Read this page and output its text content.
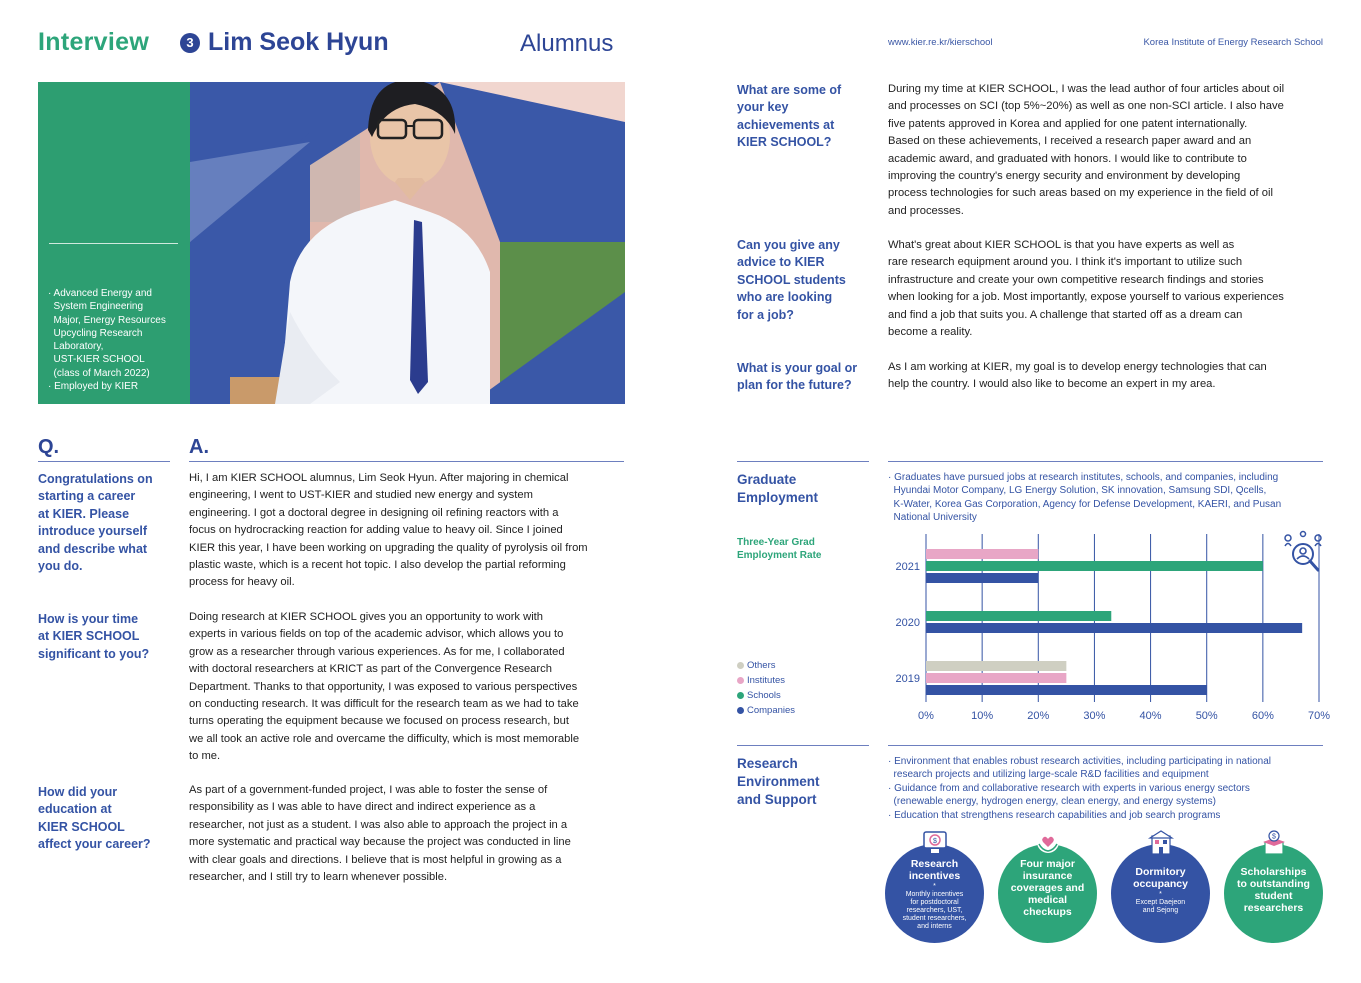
Interview	3 Lim Seok Hyun	Alumnus	www.kier.re.kr/kierschool	Korea Institute of Energy Research School
· Advanced Energy and
System Engineering
Major, Energy Resources
Upcycling Research
Laboratory,
UST-KIER SCHOOL
(class of March 2022)
· Employed by KIER
Q.	A.
Congratulations on
starting a career
at KIER. Please
introduce yourself
and describe what
you do.
Hi, I am KIER SCHOOL alumnus, Lim Seok Hyun. After majoring in chemical
engineering, I went to UST-KIER and studied new energy and system
engineering. I got a doctoral degree in designing oil refining reactors with a
focus on hydrocracking reaction for adding value to heavy oil. Since I joined
KIER this year, I have been working on upgrading the quality of pyrolysis oil from
plastic waste, which is a recent hot topic. I also develop the partial reforming
process for heavy oil.
How is your time
at KIER SCHOOL
significant to you?
Doing research at KIER SCHOOL gives you an opportunity to work with
experts in various fields on top of the academic advisor, which allows you to
grow as a researcher through various experiences. As for me, I collaborated
with doctoral researchers at KRICT as part of the Convergence Research
Department. Thanks to that opportunity, I was exposed to various perspectives
on conducting research. It was difficult for the research team as we had to take
turns operating the equipment because we focused on process research, but
we all took an active role and overcame the difficulty, which is most memorable
to me.
How did your
education at
KIER SCHOOL
affect your career?
As part of a government-funded project, I was able to foster the sense of
responsibility as I was able to have direct and indirect experience as a
researcher, not just as a student. I was also able to approach the project in a
more systematic and practical way because the project was conducted in line
with clear goals and directions. I believe that is most helpful in growing as a
researcher, and I still try to learn whenever possible.
What are some of
your key
achievements at
KIER SCHOOL?
During my time at KIER SCHOOL, I was the lead author of four articles about oil
and processes on SCI (top 5%~20%) as well as one non-SCI article. I also have
five patents approved in Korea and applied for one patent internationally.
Based on these achievements, I received a research paper award and an
academic award, and graduated with honors. I would like to contribute to
improving the country's energy security and environment by developing
process technologies for such areas based on my experience in the field of oil
and processes.
Can you give any
advice to KIER
SCHOOL students
who are looking
for a job?
What's great about KIER SCHOOL is that you have experts as well as
rare research equipment around you. I think it's important to utilize such
infrastructure and create your own competitive research findings and stories
when looking for a job. Most importantly, expose yourself to various experiences
and find a job that suits you. A challenge that started off as a dream can
become a reality.
What is your goal or
plan for the future?
As I am working at KIER, my goal is to develop energy technologies that can
help the country. I would also like to become an expert in my area.
Graduate
Employment
· Graduates have pursued jobs at research institutes, schools, and companies, including
Hyundai Motor Company, LG Energy Solution, SK innovation, Samsung SDI, Qcells,
K-Water, Korea Gas Corporation, Agency for Defense Development, KAERI, and Pusan
National University
Three-Year Grad
Employment Rate
Others
Institutes
Schools
Companies	0%	10%	20%	30%	40%	50%	60%	70%
2021
2020
2019
Research
Environment
and Support
· Environment that enables robust research activities, including participating in national
research projects and utilizing large-scale R&D facilities and equipment
· Guidance from and collaborative research with experts in various energy sectors
(renewable energy, hydrogen energy, clean energy, and energy systems)
· Education that strengthens research capabilities and job search programs
$
Research
incentives
*
Monthly incentives
for postdoctoral
researchers, UST,
student researchers,
and interns
Four major
insurance
coverages and
medical
checkups
Dormitory
occupancy
*
Except Daejeon
and Sejong
$
Scholarships
to outstanding
student
researchers
